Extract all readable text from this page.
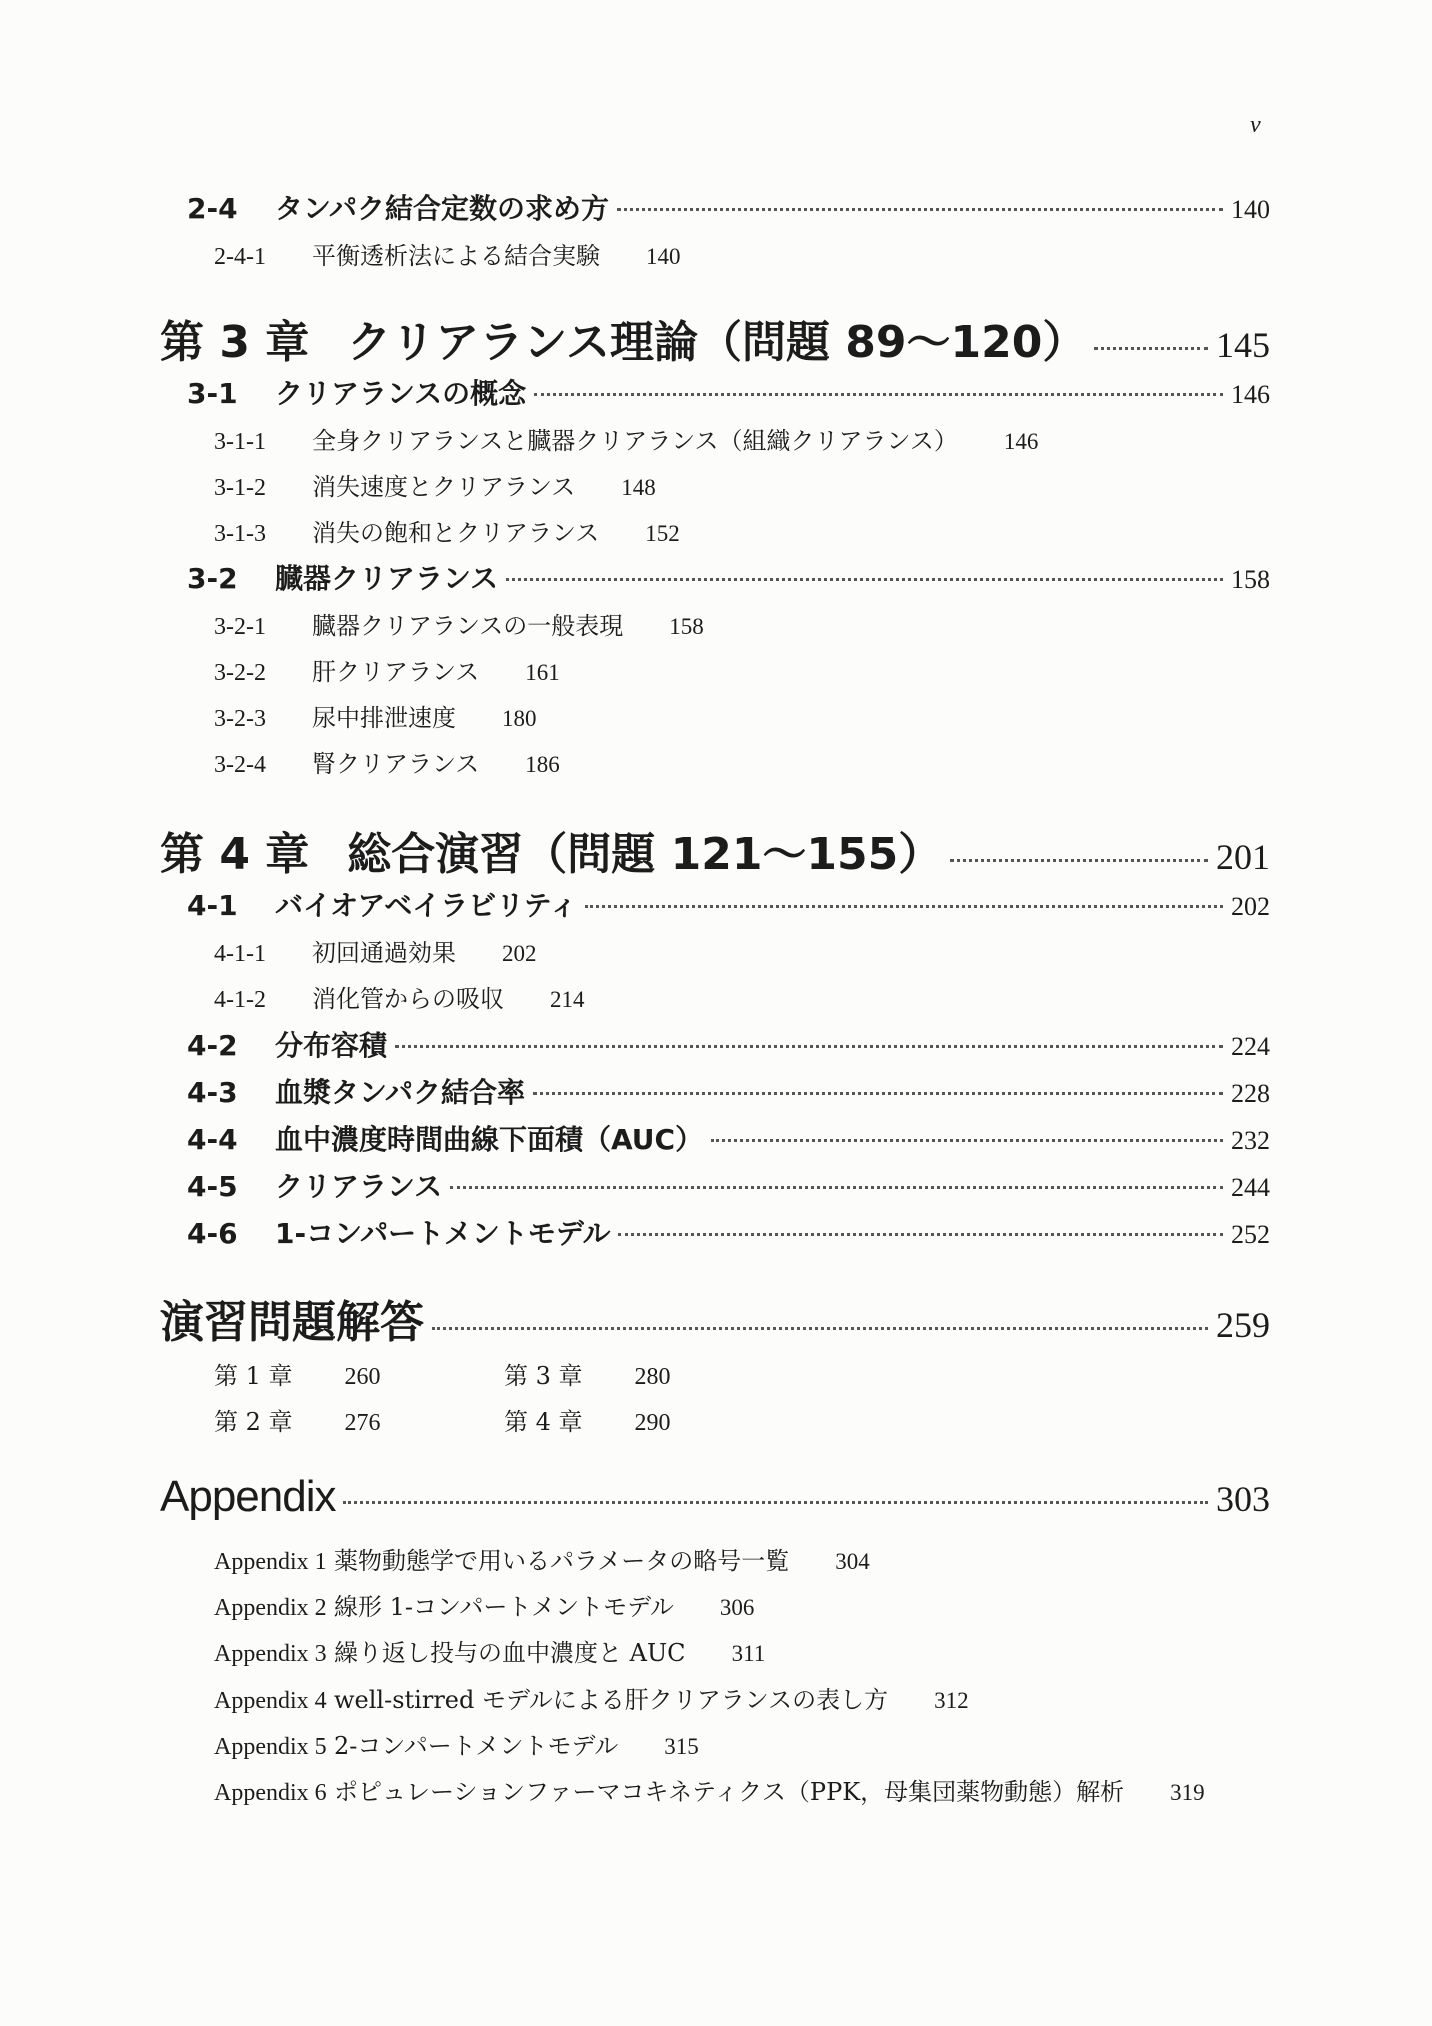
v
2-4	タンパク結合定数の求め方	140
2-4-1	平衡透析法による結合実験 140
第 3 章 クリアランス理論（問題 89〜120）	145
3-1	クリアランスの概念	146
3-1-1	全身クリアランスと臓器クリアランス（組織クリアランス） 146
3-1-2	消失速度とクリアランス 148
3-1-3	消失の飽和とクリアランス 152
3-2	臓器クリアランス	158
3-2-1	臓器クリアランスの一般表現 158
3-2-2	肝クリアランス 161
3-2-3	尿中排泄速度 180
3-2-4	腎クリアランス 186
第 4 章 総合演習（問題 121〜155）	201
4-1	バイオアベイラビリティ	202
4-1-1	初回通過効果 202
4-1-2	消化管からの吸収 214
4-2	分布容積	224
4-3	血漿タンパク結合率	228
4-4	血中濃度時間曲線下面積（AUC）	232
4-5	クリアランス	244
4-6	1-コンパートメントモデル	252
演習問題解答	259
第 1 章 260	第 3 章 280
第 2 章 276	第 4 章 290
Appendix	303
Appendix 1 薬物動態学で用いるパラメータの略号一覧 304
Appendix 2 線形 1-コンパートメントモデル 306
Appendix 3 繰り返し投与の血中濃度と AUC 311
Appendix 4 well-stirred モデルによる肝クリアランスの表し方 312
Appendix 5 2-コンパートメントモデル 315
Appendix 6 ポピュレーションファーマコキネティクス（PPK，母集団薬物動態）解析 319
